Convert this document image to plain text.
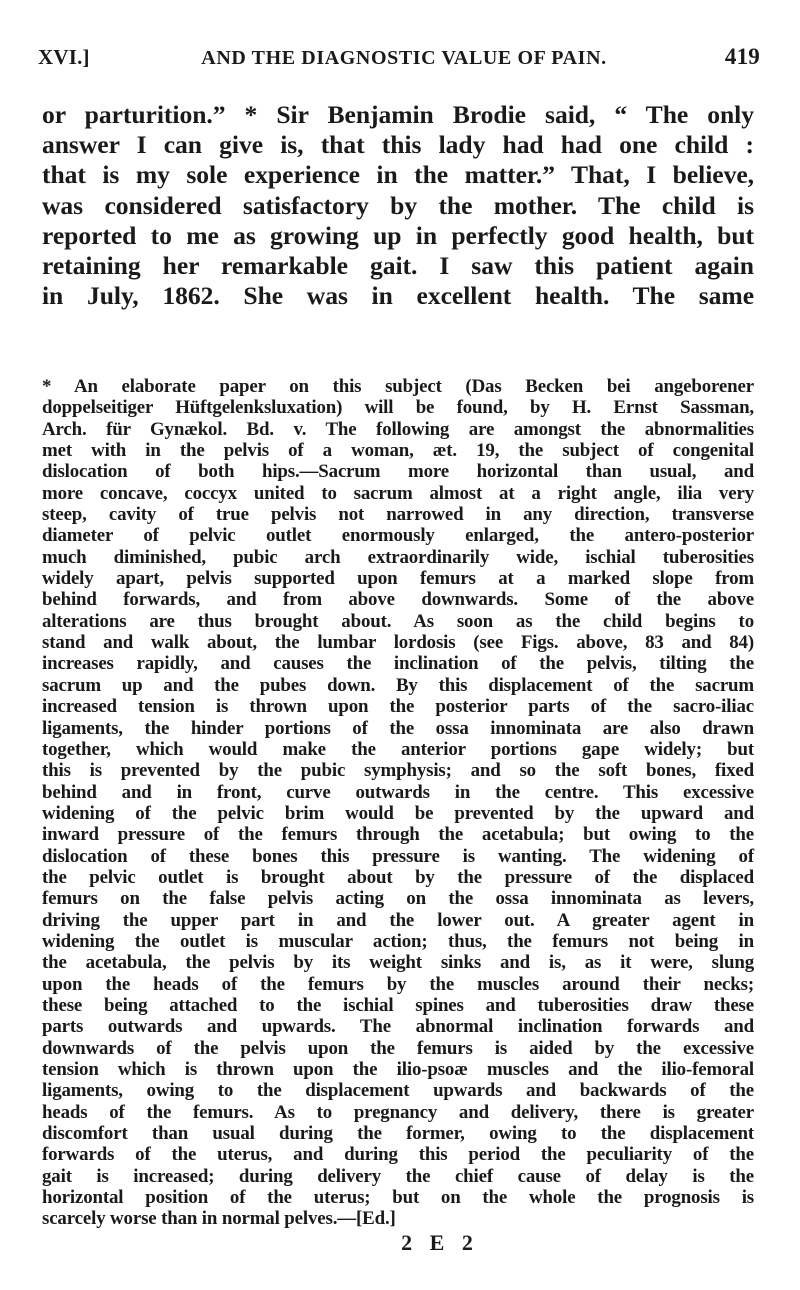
XVI.]	AND THE DIAGNOSTIC VALUE OF PAIN.	419
or parturition.” * Sir Benjamin Brodie said, “ The only
answer I can give is, that this lady had had one child :
that is my sole experience in the matter.” That, I believe,
was considered satisfactory by the mother. The child is
reported to me as growing up in perfectly good health, but
retaining her remarkable gait. I saw this patient again
in July, 1862. She was in excellent health. The same
* An elaborate paper on this subject (Das Becken bei angeborener
doppelseitiger Hüftgelenksluxation) will be found, by H. Ernst Sassman,
Arch. für Gynækol. Bd. v. The following are amongst the abnormalities
met with in the pelvis of a woman, æt. 19, the subject of congenital
dislocation of both hips.—Sacrum more horizontal than usual, and
more concave, coccyx united to sacrum almost at a right angle, ilia very
steep, cavity of true pelvis not narrowed in any direction, transverse
diameter of pelvic outlet enormously enlarged, the antero-posterior
much diminished, pubic arch extraordinarily wide, ischial tuberosities
widely apart, pelvis supported upon femurs at a marked slope from
behind forwards, and from above downwards. Some of the above
alterations are thus brought about. As soon as the child begins to
stand and walk about, the lumbar lordosis (see Figs. above, 83 and 84)
increases rapidly, and causes the inclination of the pelvis, tilting the
sacrum up and the pubes down. By this displacement of the sacrum
increased tension is thrown upon the posterior parts of the sacro-iliac
ligaments, the hinder portions of the ossa innominata are also drawn
together, which would make the anterior portions gape widely; but
this is prevented by the pubic symphysis; and so the soft bones, fixed
behind and in front, curve outwards in the centre. This excessive
widening of the pelvic brim would be prevented by the upward and
inward pressure of the femurs through the acetabula; but owing to the
dislocation of these bones this pressure is wanting. The widening of
the pelvic outlet is brought about by the pressure of the displaced
femurs on the false pelvis acting on the ossa innominata as levers,
driving the upper part in and the lower out. A greater agent in
widening the outlet is muscular action; thus, the femurs not being in
the acetabula, the pelvis by its weight sinks and is, as it were, slung
upon the heads of the femurs by the muscles around their necks;
these being attached to the ischial spines and tuberosities draw these
parts outwards and upwards. The abnormal inclination forwards and
downwards of the pelvis upon the femurs is aided by the excessive
tension which is thrown upon the ilio-psoæ muscles and the ilio-femoral
ligaments, owing to the displacement upwards and backwards of the
heads of the femurs. As to pregnancy and delivery, there is greater
discomfort than usual during the former, owing to the displacement
forwards of the uterus, and during this period the peculiarity of the
gait is increased; during delivery the chief cause of delay is the
horizontal position of the uterus; but on the whole the prognosis is
scarcely worse than in normal pelves.—[Ed.]
2 E 2
